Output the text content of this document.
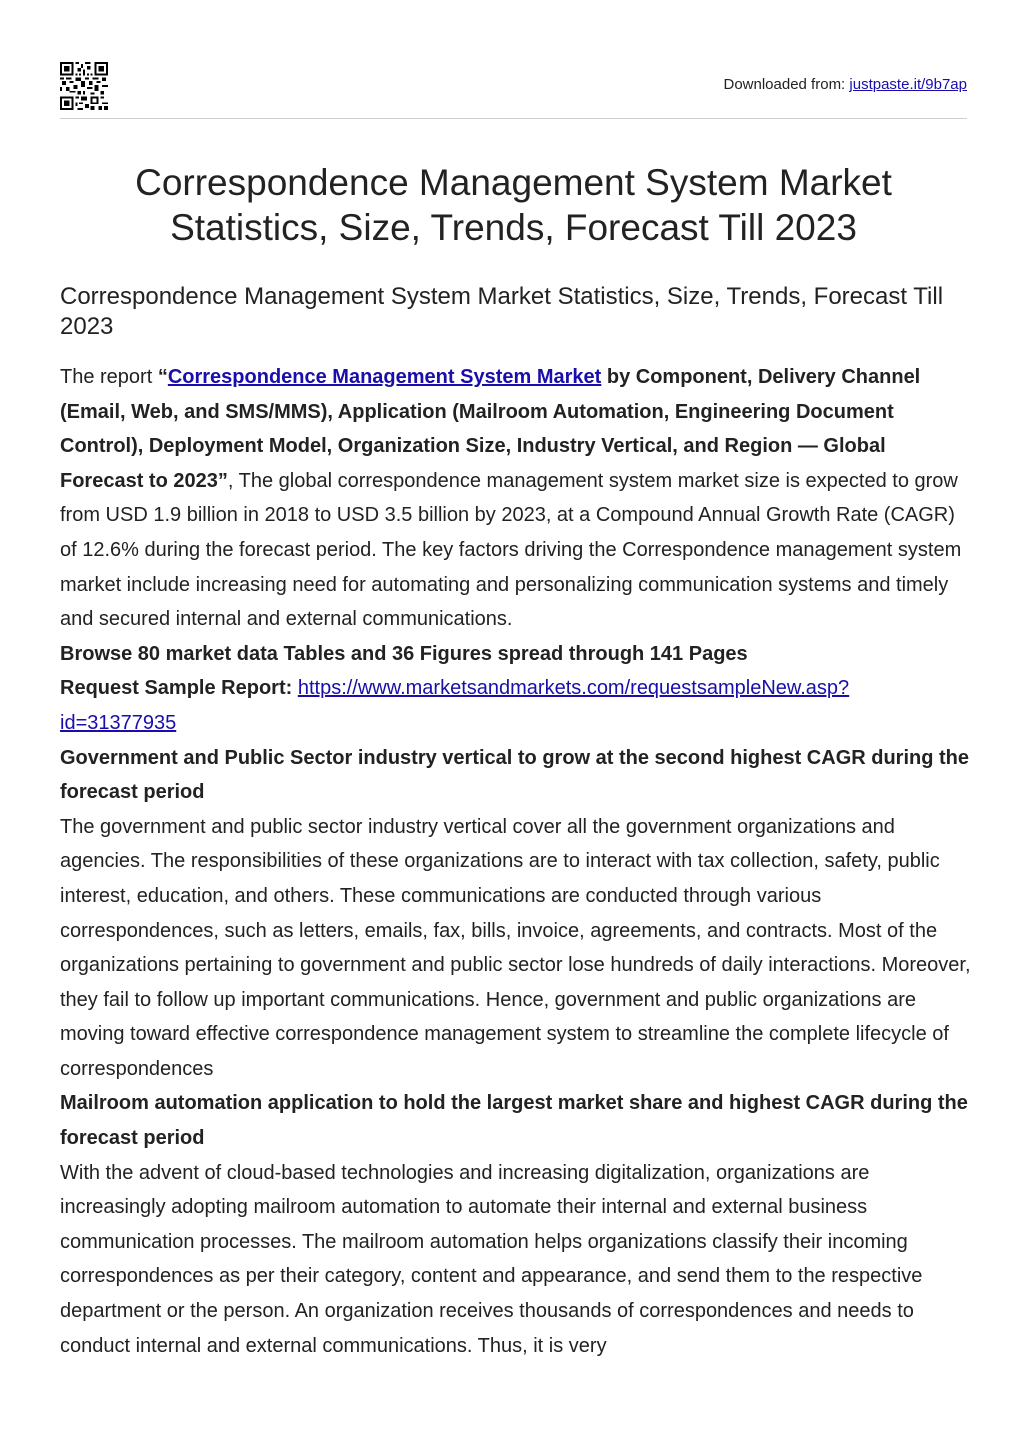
Downloaded from: justpaste.it/9b7ap
Correspondence Management System Market Statistics, Size, Trends, Forecast Till 2023
Correspondence Management System Market Statistics, Size, Trends, Forecast Till 2023

The report “Correspondence Management System Market by Component, Delivery Channel (Email, Web, and SMS/MMS), Application (Mailroom Automation, Engineering Document Control), Deployment Model, Organization Size, Industry Vertical, and Region — Global Forecast to 2023”, The global correspondence management system market size is expected to grow from USD 1.9 billion in 2018 to USD 3.5 billion by 2023, at a Compound Annual Growth Rate (CAGR) of 12.6% during the forecast period. The key factors driving the Correspondence management system market include increasing need for automating and personalizing communication systems and timely and secured internal and external communications.

Browse 80 market data Tables and 36 Figures spread through 141 Pages

Request Sample Report: https://www.marketsandmarkets.com/requestsampleNew.asp?
id=31377935

Government and Public Sector industry vertical to grow at the second highest CAGR during the forecast period

The government and public sector industry vertical cover all the government organizations and agencies. The responsibilities of these organizations are to interact with tax collection, safety, public interest, education, and others. These communications are conducted through various correspondences, such as letters, emails, fax, bills, invoice, agreements, and contracts. Most of the organizations pertaining to government and public sector lose hundreds of daily interactions. Moreover, they fail to follow up important communications. Hence, government and public organizations are moving toward effective correspondence management system to streamline the complete lifecycle of correspondences

Mailroom automation application to hold the largest market share and highest CAGR during the forecast period

With the advent of cloud-based technologies and increasing digitalization, organizations are increasingly adopting mailroom automation to automate their internal and external business communication processes. The mailroom automation helps organizations classify their incoming correspondences as per their category, content and appearance, and send them to the respective department or the person. An organization receives thousands of correspondences and needs to conduct internal and external communications. Thus, it is very
